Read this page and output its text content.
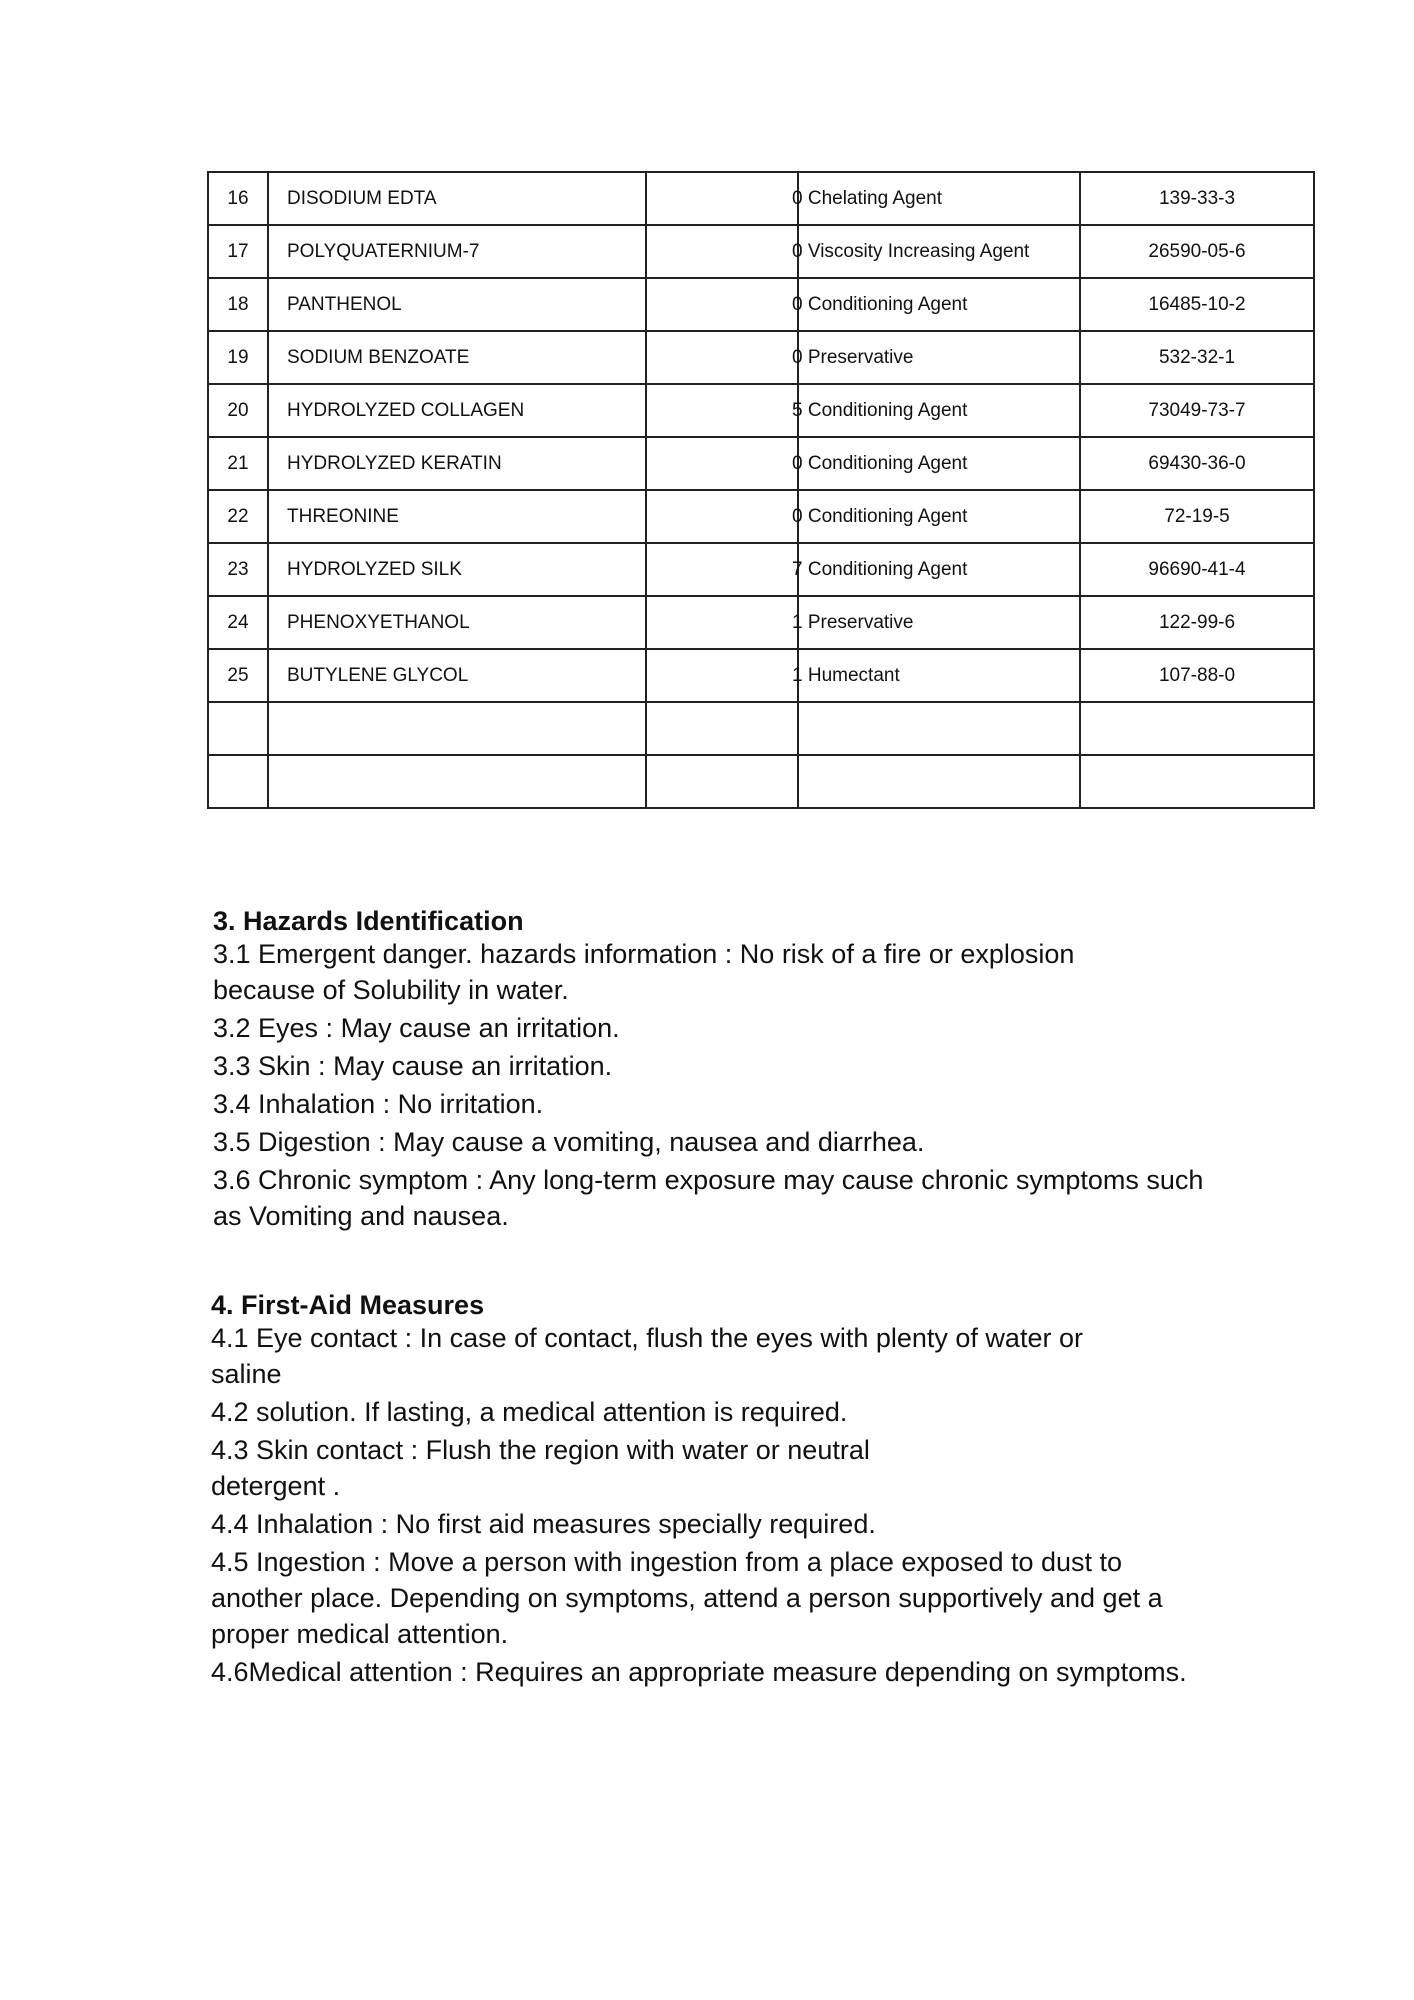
16	DISODIUM EDTA		0 Chelating Agent	139-33-3
17	POLYQUATERNIUM-7		0 Viscosity Increasing Agent	26590-05-6
18	PANTHENOL		0 Conditioning Agent	16485-10-2
19	SODIUM BENZOATE		0 Preservative	532-32-1
20	HYDROLYZED COLLAGEN		5 Conditioning Agent	73049-73-7
21	HYDROLYZED KERATIN		0 Conditioning Agent	69430-36-0
22	THREONINE		0 Conditioning Agent	72-19-5
23	HYDROLYZED SILK		7 Conditioning Agent	96690-41-4
24	PHENOXYETHANOL		1 Preservative	122-99-6
25	BUTYLENE GLYCOL		1 Humectant	107-88-0

3. Hazards Identification

3.1 Emergent danger. hazards information : No risk of a fire or explosion because of Solubility in water.

3.2 Eyes : May cause an irritation.

3.3 Skin : May cause an irritation.

3.4 Inhalation : No irritation.

3.5 Digestion : May cause a vomiting, nausea and diarrhea.

3.6 Chronic symptom : Any long-term exposure may cause chronic symptoms such as Vomiting and nausea.

4. First-Aid Measures

4.1 Eye contact : In case of contact, flush the eyes with plenty of water or saline

4.2 solution. If lasting, a medical attention is required.

4.3 Skin contact : Flush the region with water or neutral detergent .

4.4 Inhalation : No first aid measures specially required.

4.5 Ingestion : Move a person with ingestion from a place exposed to dust to another place. Depending on symptoms, attend a person supportively and get a proper medical attention.

4.6Medical attention : Requires an appropriate measure depending on symptoms.
